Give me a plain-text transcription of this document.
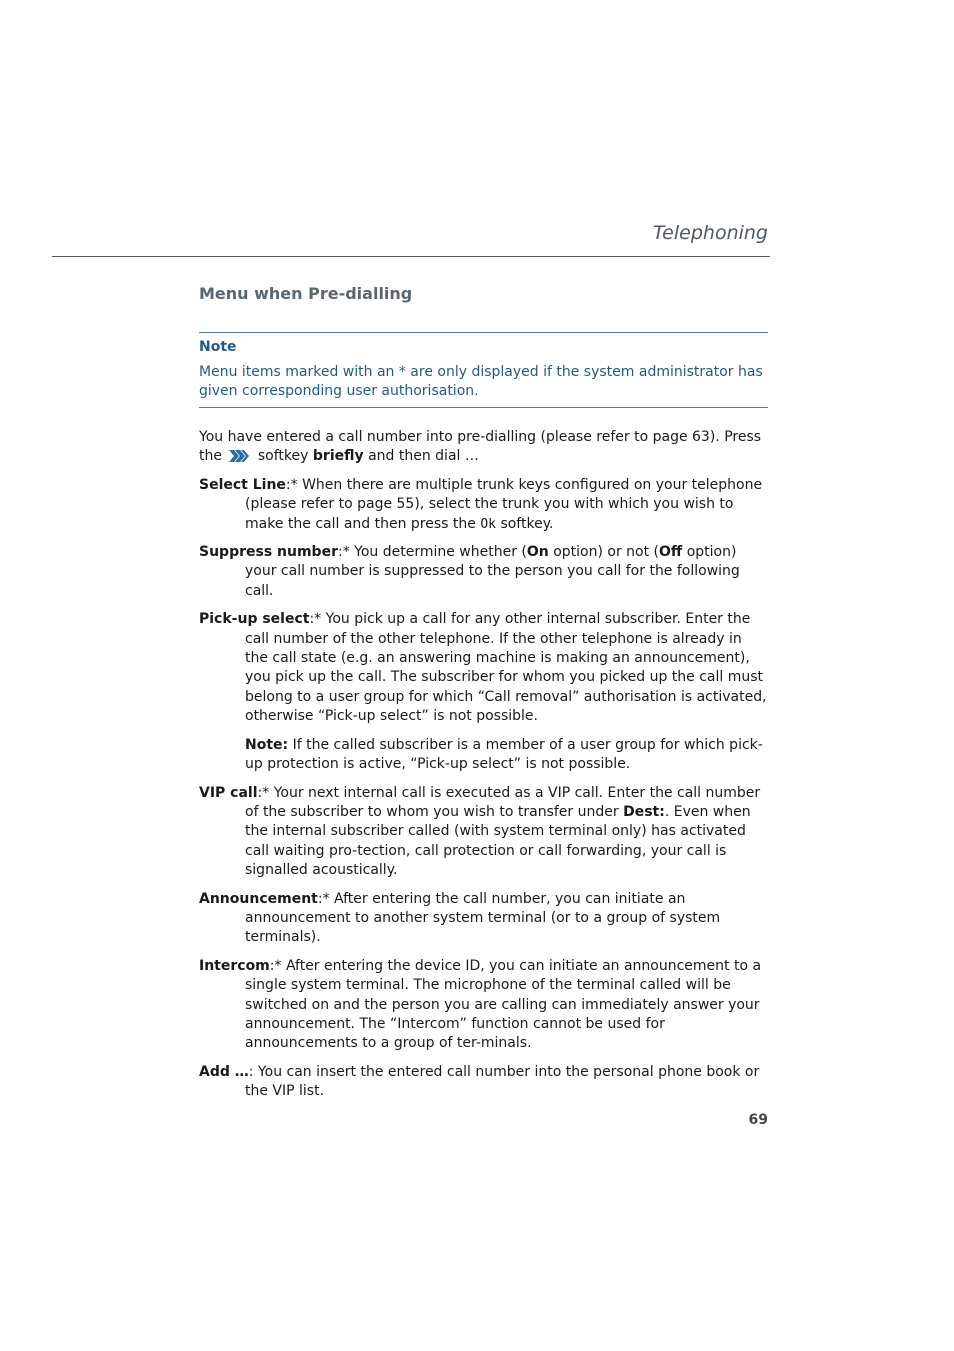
Telephoning
Menu when Pre-dialling
Note
Menu items marked with an * are only displayed if the system administrator has given corresponding user authorisation.

You have entered a call number into pre-dialling (please refer to page 63). Press the	softkey briefly and then dial …

Select Line:* When there are multiple trunk keys configured on your telephone (please refer to page 55), select the trunk you with which you wish to make the call and then press the Ok softkey.

Suppress number:* You determine whether (On option) or not (Off option) your call number is suppressed to the person you call for the following call.

Pick-up select:* You pick up a call for any other internal subscriber. Enter the call number of the other telephone. If the other telephone is already in the call state (e.g. an answering machine is making an announcement), you pick up the call. The subscriber for whom you picked up the call must belong to a user group for which “Call removal” authorisation is activated, otherwise “Pick-up select” is not possible.

Note: If the called subscriber is a member of a user group for which pick-up protection is active, “Pick-up select” is not possible.

VIP call:* Your next internal call is executed as a VIP call. Enter the call number of the subscriber to whom you wish to transfer under Dest:. Even when the internal subscriber called (with system terminal only) has activated call waiting pro-tection, call protection or call forwarding, your call is signalled acoustically.

Announcement:* After entering the call number, you can initiate an announcement to another system terminal (or to a group of system terminals).

Intercom:* After entering the device ID, you can initiate an announcement to a single system terminal. The microphone of the terminal called will be switched on and the person you are calling can immediately answer your announcement. The “Intercom” function cannot be used for announcements to a group of ter-minals.

Add …: You can insert the entered call number into the personal phone book or the VIP list.

69
